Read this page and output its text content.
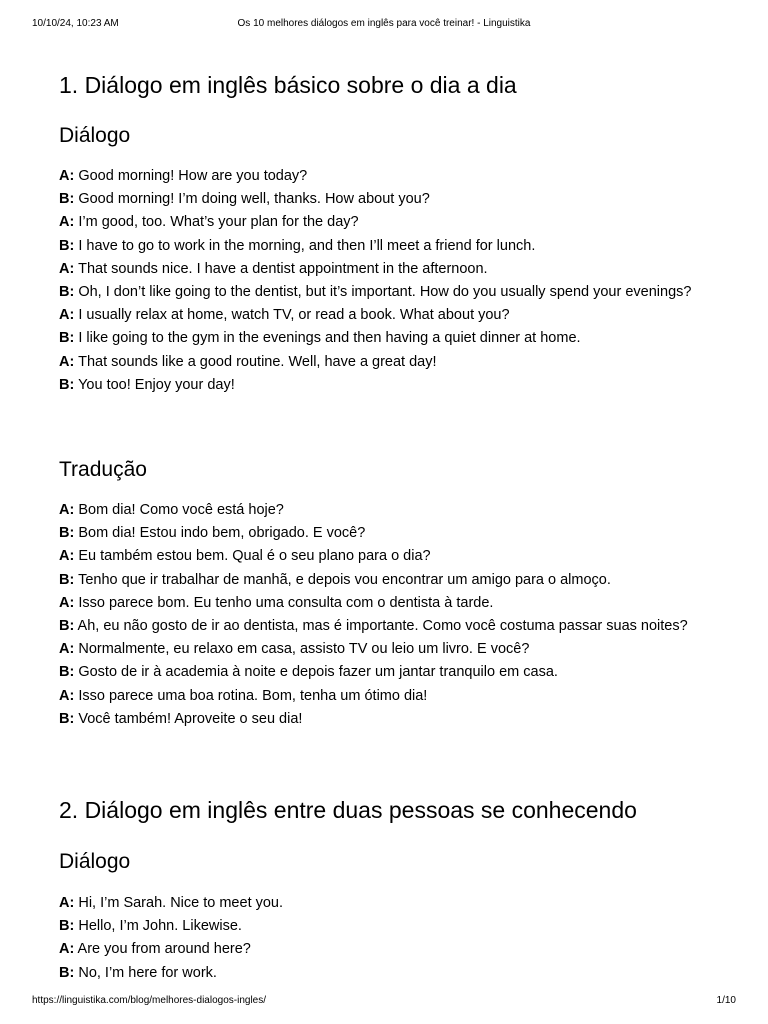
10/10/24, 10:23 AM	Os 10 melhores diálogos em inglês para você treinar! - Linguistika
1. Diálogo em inglês básico sobre o dia a dia
Diálogo
A: Good morning! How are you today?
B: Good morning! I’m doing well, thanks. How about you?
A: I’m good, too. What’s your plan for the day?
B: I have to go to work in the morning, and then I’ll meet a friend for lunch.
A: That sounds nice. I have a dentist appointment in the afternoon.
B: Oh, I don’t like going to the dentist, but it’s important. How do you usually spend your evenings?
A: I usually relax at home, watch TV, or read a book. What about you?
B: I like going to the gym in the evenings and then having a quiet dinner at home.
A: That sounds like a good routine. Well, have a great day!
B: You too! Enjoy your day!
Tradução
A: Bom dia! Como você está hoje?
B: Bom dia! Estou indo bem, obrigado. E você?
A: Eu também estou bem. Qual é o seu plano para o dia?
B: Tenho que ir trabalhar de manhã, e depois vou encontrar um amigo para o almoço.
A: Isso parece bom. Eu tenho uma consulta com o dentista à tarde.
B: Ah, eu não gosto de ir ao dentista, mas é importante. Como você costuma passar suas noites?
A: Normalmente, eu relaxo em casa, assisto TV ou leio um livro. E você?
B: Gosto de ir à academia à noite e depois fazer um jantar tranquilo em casa.
A: Isso parece uma boa rotina. Bom, tenha um ótimo dia!
B: Você também! Aproveite o seu dia!
2. Diálogo em inglês entre duas pessoas se conhecendo
Diálogo
A: Hi, I’m Sarah. Nice to meet you.
B: Hello, I’m John. Likewise.
A: Are you from around here?
B: No, I’m here for work.
https://linguistika.com/blog/melhores-dialogos-ingles/	1/10
